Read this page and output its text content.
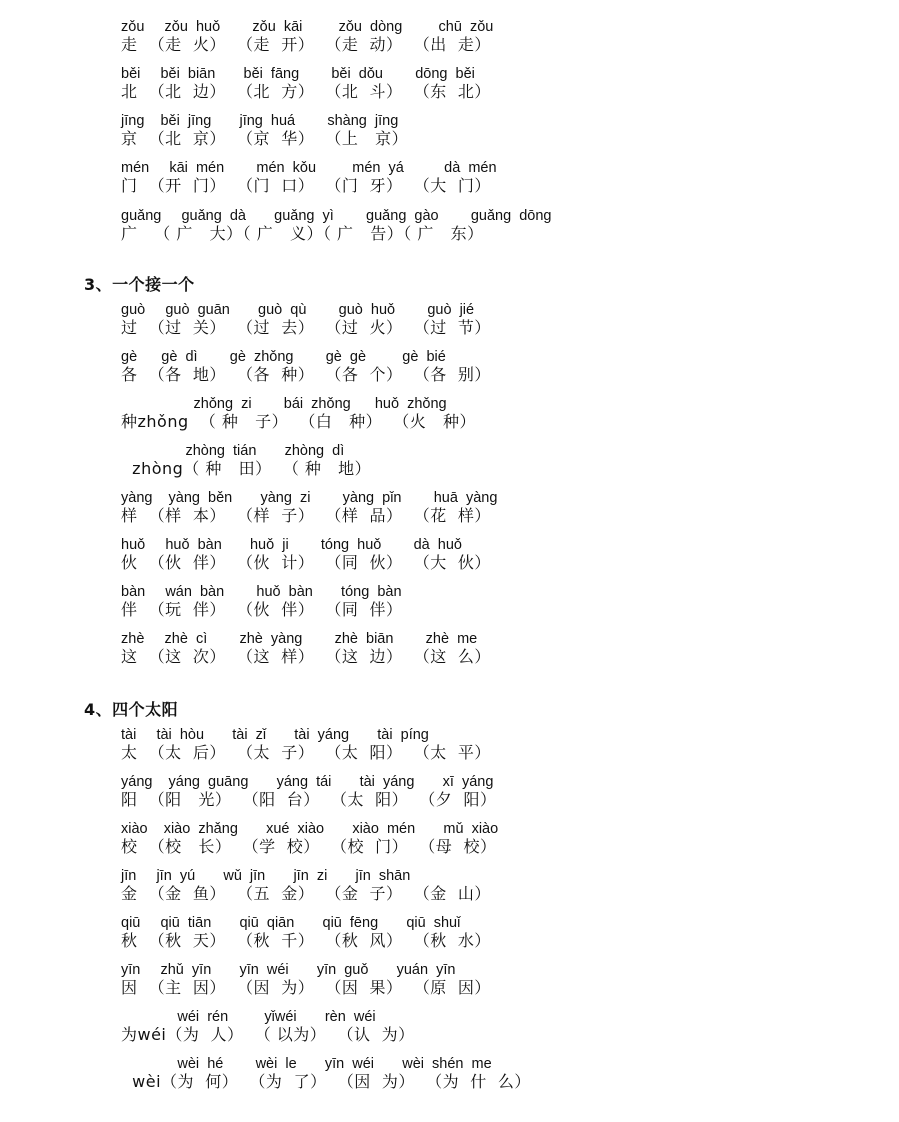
zǒu     zǒu  huǒ        zǒu  kāi         zǒu  dòng         chū  zǒu
走  （走  火）  （走  开）  （走  动）  （出  走）
běi     běi  biān       běi  fāng        běi  dǒu        dōng  běi
北  （北  边）  （北  方）  （北  斗）  （东  北）
jīng    běi  jīng       jīng  huá        shàng  jīng
京  （北  京）  （京  华）  （上   京）
mén     kāi  mén        mén  kǒu         mén  yá          dà  mén
门  （开  门）  （门  口）  （门  牙）  （大  门）
guǎng     guǎng  dà       guǎng  yì        guǎng  gào        guǎng  dōng
广   （ 广   大）（ 广   义）（ 广   告）（ 广   东）
3、一个接一个
guò     guò  guān       guò  qù        guò  huǒ        guò  jié
过  （过  关）  （过  去）  （过  火）  （过  节）
gè      gè  dì        gè  zhǒng        gè  gè         gè  bié
各  （各  地）  （各  种）  （各  个）  （各  别）
zhǒng  zi        bái  zhǒng      huǒ  zhǒng
种zhǒng  （ 种   子）  （白   种）  （火   种）
zhòng  tián       zhòng  dì
zhòng（ 种   田）  （ 种   地）
yàng    yàng  běn       yàng  zi        yàng  pǐn        huā  yàng
样  （样  本）  （样  子）  （样  品）  （花  样）
huǒ     huǒ  bàn       huǒ  ji        tóng  huǒ        dà  huǒ
伙  （伙  伴）  （伙  计）  （同  伙）  （大  伙）
bàn     wán  bàn        huǒ  bàn       tóng  bàn
伴  （玩  伴）  （伙  伴）  （同  伴）
zhè     zhè  cì        zhè  yàng        zhè  biān        zhè  me
这  （这  次）  （这  样）  （这  边）  （这  么）
4、四个太阳
tài     tài  hòu       tài  zǐ       tài  yáng       tài  píng
太  （太  后）  （太  子）  （太  阳）  （太  平）
yáng    yáng  guāng       yáng  tái       tài  yáng       xī  yáng
阳  （阳   光）  （阳  台）  （太  阳）  （夕  阳）
xiào    xiào  zhǎng       xué  xiào       xiào  mén       mǔ  xiào
校  （校   长）  （学  校）  （校  门）  （母  校）
jīn     jīn  yú       wǔ  jīn       jīn  zi       jīn  shān
金  （金  鱼）  （五  金）  （金  子）  （金  山）
qiū     qiū  tiān       qiū  qiān       qiū  fēng       qiū  shuǐ
秋  （秋  天）  （秋  千）  （秋  风）  （秋  水）
yīn     zhǔ  yīn       yīn  wéi       yīn  guǒ       yuán  yīn
因  （主  因）  （因  为）  （因  果）  （原  因）
wéi  rén         yǐwéi       rèn  wéi
为wéi（为  人）  （ 以为）  （认  为）
wèi  hé        wèi  le       yīn  wéi       wèi  shén  me
wèi（为  何）  （为  了）  （因  为）  （为  什  么）
